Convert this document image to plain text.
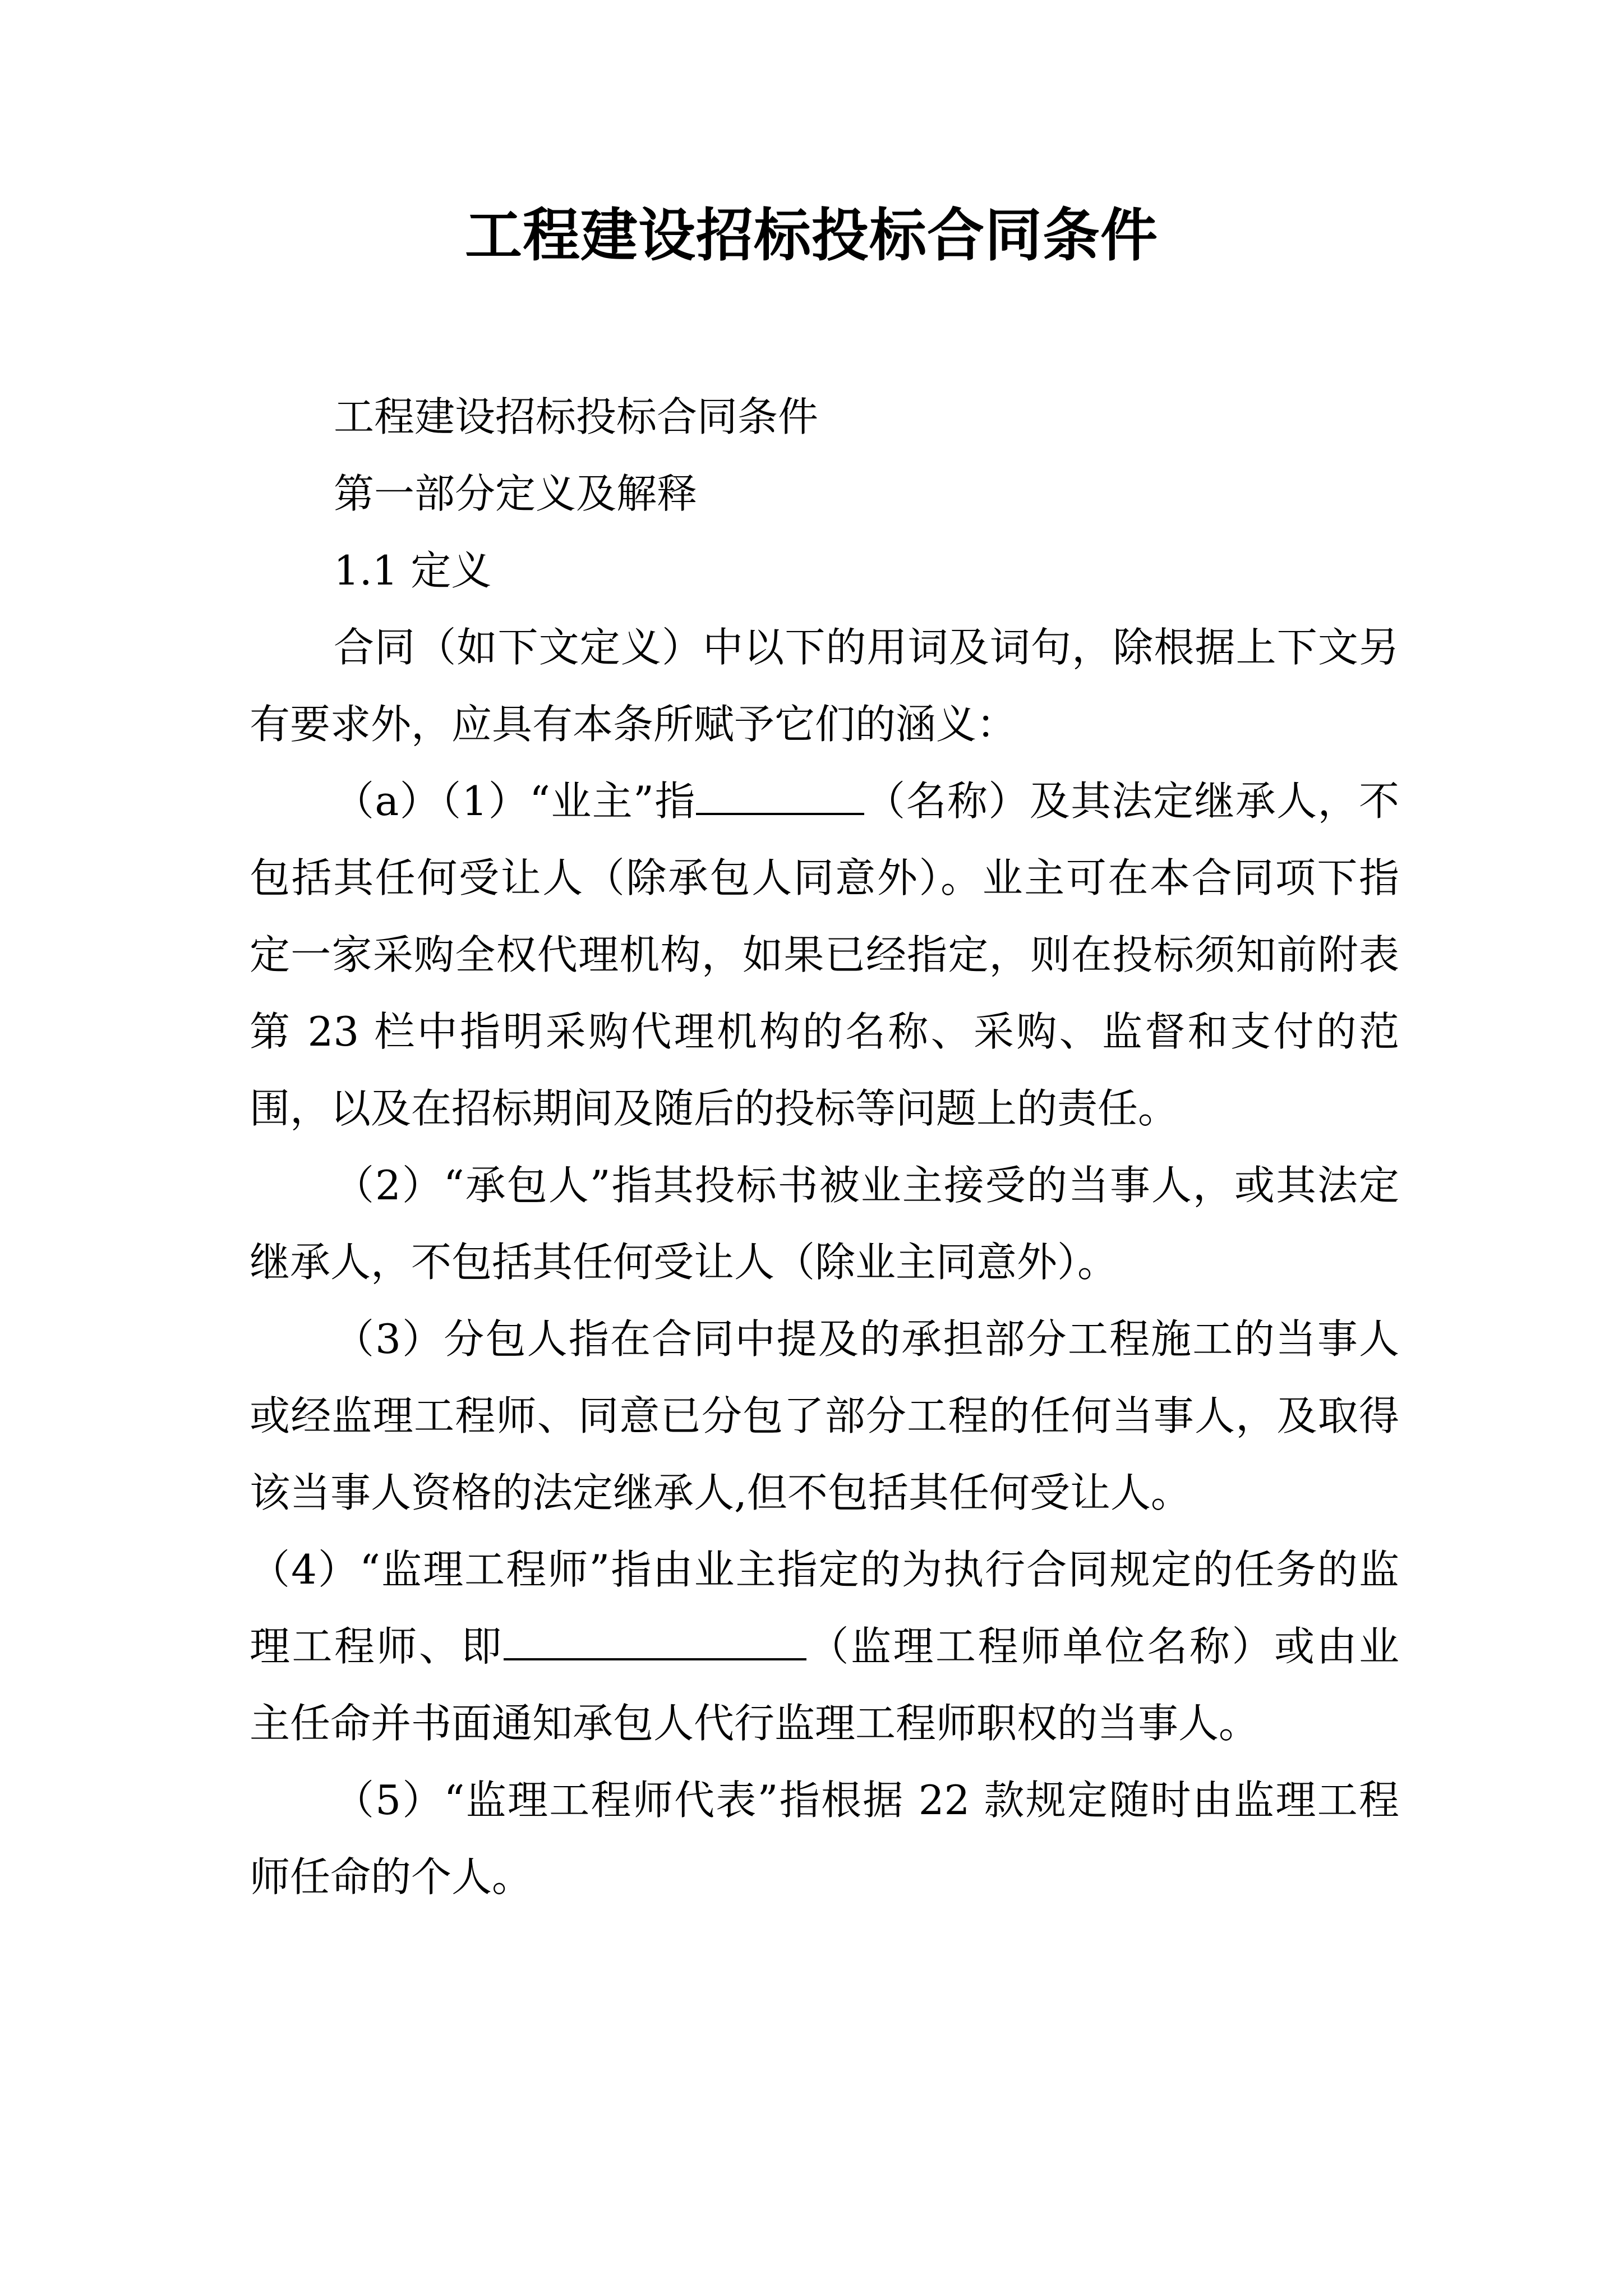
工程建设招标投标合同条件

工程建设招标投标合同条件

第一部分定义及解释

1.1 定义

合同（如下文定义）中以下的用词及词句，除根据上下文另有要求外，应具有本条所赋予它们的涵义：

（a）（1）“业主”指	（名称）及其法定继承人，不包括其任何受让人（除承包人同意外）。业主可在本合同项下指定一家采购全权代理机构，如果已经指定，则在投标须知前附表第 23 栏中指明采购代理机构的名称、采购、监督和支付的范围，以及在招标期间及随后的投标等问题上的责任。

（2）“承包人”指其投标书被业主接受的当事人，或其法定继承人，不包括其任何受让人（除业主同意外）。

（3）分包人指在合同中提及的承担部分工程施工的当事人或经监理工程师、同意已分包了部分工程的任何当事人，及取得该当事人资格的法定继承人,但不包括其任何受让人。

（4）“监理工程师”指由业主指定的为执行合同规定的任务的监理工程师、即	（监理工程师单位名称）或由业主任命并书面通知承包人代行监理工程师职权的当事人。

（5）“监理工程师代表”指根据 22 款规定随时由监理工程师任命的个人。
